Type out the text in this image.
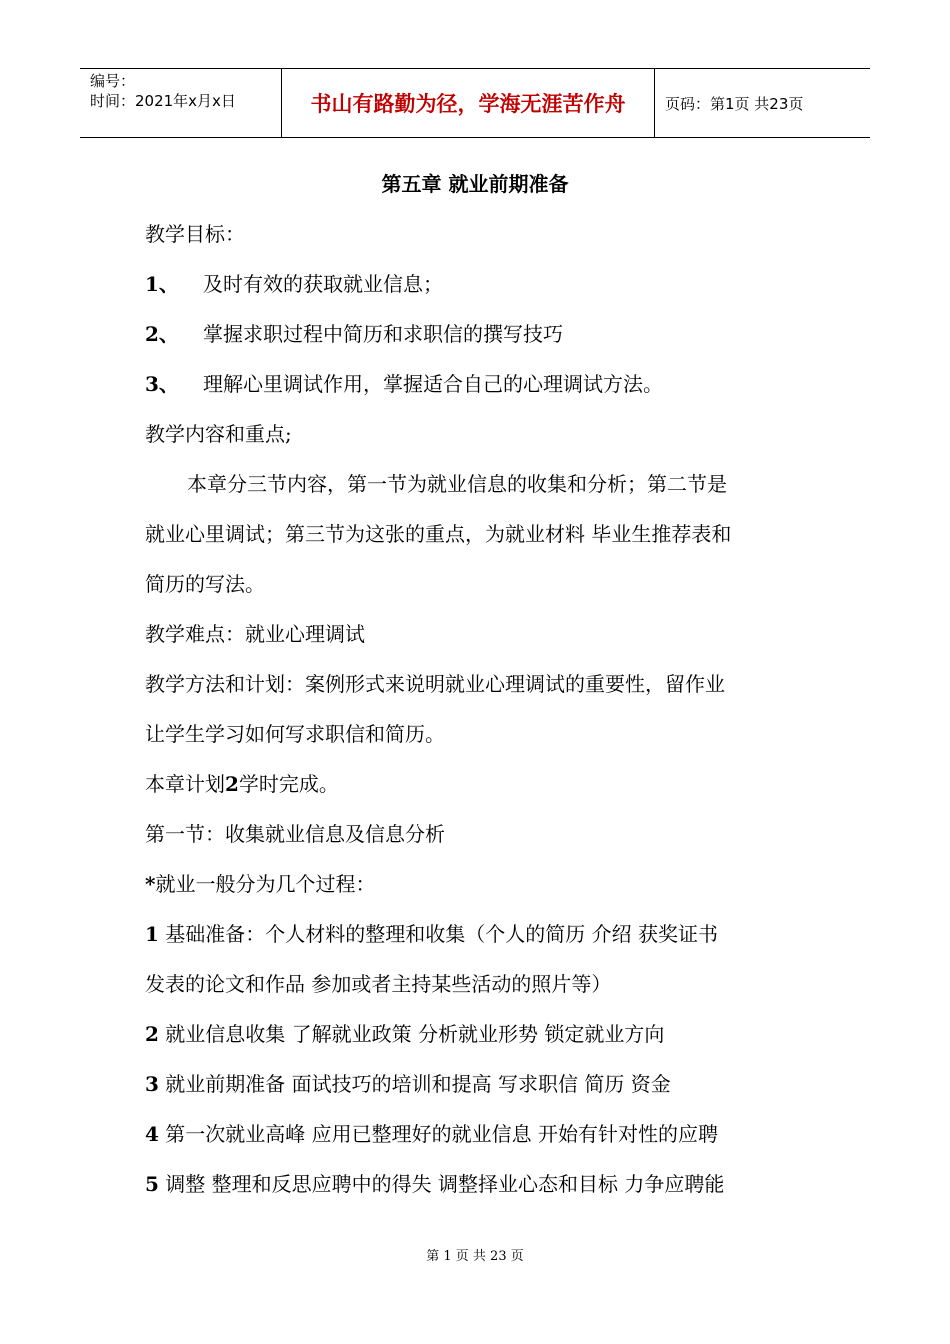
编号：
时间：2021年x月x日	书山有路勤为径，学海无涯苦作舟	页码：第1页 共23页
第五章 就业前期准备

教学目标：

1、 及时有效的获取就业信息；

2、 掌握求职过程中简历和求职信的撰写技巧

3、 理解心里调试作用，掌握适合自己的心理调试方法。

教学内容和重点;

本章分三节内容，第一节为就业信息的收集和分析；第二节是

就业心里调试；第三节为这张的重点，为就业材料 毕业生推荐表和

简历的写法。

教学难点：就业心理调试

教学方法和计划：案例形式来说明就业心理调试的重要性，留作业

让学生学习如何写求职信和简历。

本章计划2学时完成。

第一节：收集就业信息及信息分析

*就业一般分为几个过程：

1 基础准备：个人材料的整理和收集（个人的简历 介绍 获奖证书

发表的论文和作品 参加或者主持某些活动的照片等）

2 就业信息收集 了解就业政策 分析就业形势 锁定就业方向

3 就业前期准备 面试技巧的培训和提高 写求职信 简历 资金

4 第一次就业高峰 应用已整理好的就业信息 开始有针对性的应聘

5 调整 整理和反思应聘中的得失 调整择业心态和目标 力争应聘能

第 1 页 共 23 页
